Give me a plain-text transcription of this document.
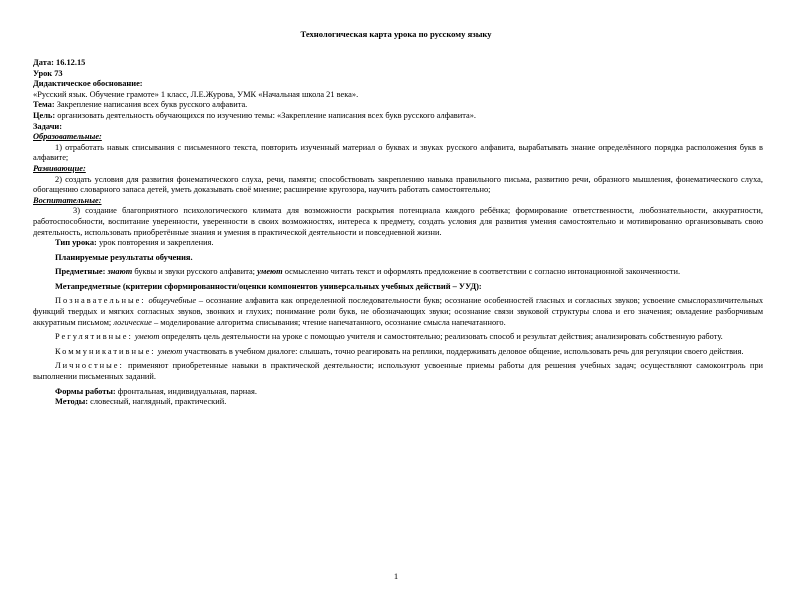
Технологическая карта урока по русскому языку
Дата: 16.12.15
Урок 73
Дидактическое обоснование:
«Русский язык. Обучение грамоте» 1 класс, Л.Е.Журова, УМК «Начальная школа 21 века».
Тема: Закрепление написания всех букв русского алфавита.
Цель: организовать деятельность обучающихся по изучению темы: «Закрепление написания всех букв русского алфавита».
Задачи:
Образовательные:
1) отработать навык списывания с письменного текста, повторить изученный материал о буквах и звуках русского алфавита, вырабатывать знание определённого порядка расположения букв в алфавите;
Развивающие:
2) создать условия для развития фонематического слуха, речи, памяти; способствовать закреплению навыка правильного письма, развитию речи, образного мышления, фонематического слуха, обогащению словарного запаса детей, уметь доказывать своё мнение; расширение кругозора, научить работать самостоятельно;
Воспитательные:
3) создание благоприятного психологического климата для возможности раскрытия потенциала каждого ребёнка; формирование ответственности, любознательности, аккуратности, работоспособности, воспитание уверенности, уверенности в своих возможностях, интереса к предмету, создать условия для развития умения самостоятельно и мотивированно организовывать свою деятельность, использовать приобретённые знания и умения в практической деятельности и повседневной жизни.
Тип урока: урок повторения и закрепления.
Планируемые результаты обучения.
Предметные: знают буквы и звуки русского алфавита; умеют осмысленно читать текст и оформлять предложение в соответствии с согласно интонационной законченности.
Метапредметные (критерии сформированности/оценки компонентов универсальных учебных действий – УУД):
Познавательные: общеучебные – осознание алфавита как определенной последовательности букв; осознание особенностей гласных и согласных звуков; усвоение смыслоразличительных функций твердых и мягких согласных звуков, звонких и глухих; понимание роли букв, не обозначающих звуки; осознание связи звуковой структуры слова и его значения; овладение разборчивым аккуратным письмом; логические – моделирование алгоритма списывания; чтение напечатанного, осознание смысла напечатанного.
Регулятивные: умеют определять цель деятельности на уроке с помощью учителя и самостоятельно; реализовать способ и результат действия; анализировать собственную работу.
Коммуникативные: умеют участвовать в учебном диалоге: слышать, точно реагировать на реплики, поддерживать деловое общение, использовать речь для регуляции своего действия.
Личностные: применяют приобретенные навыки в практической деятельности; используют усвоенные приемы работы для решения учебных задач; осуществляют самоконтроль при выполнении письменных заданий.
Формы работы: фронтальная, индивидуальная, парная.
Методы: словесный, наглядный, практический.
1
